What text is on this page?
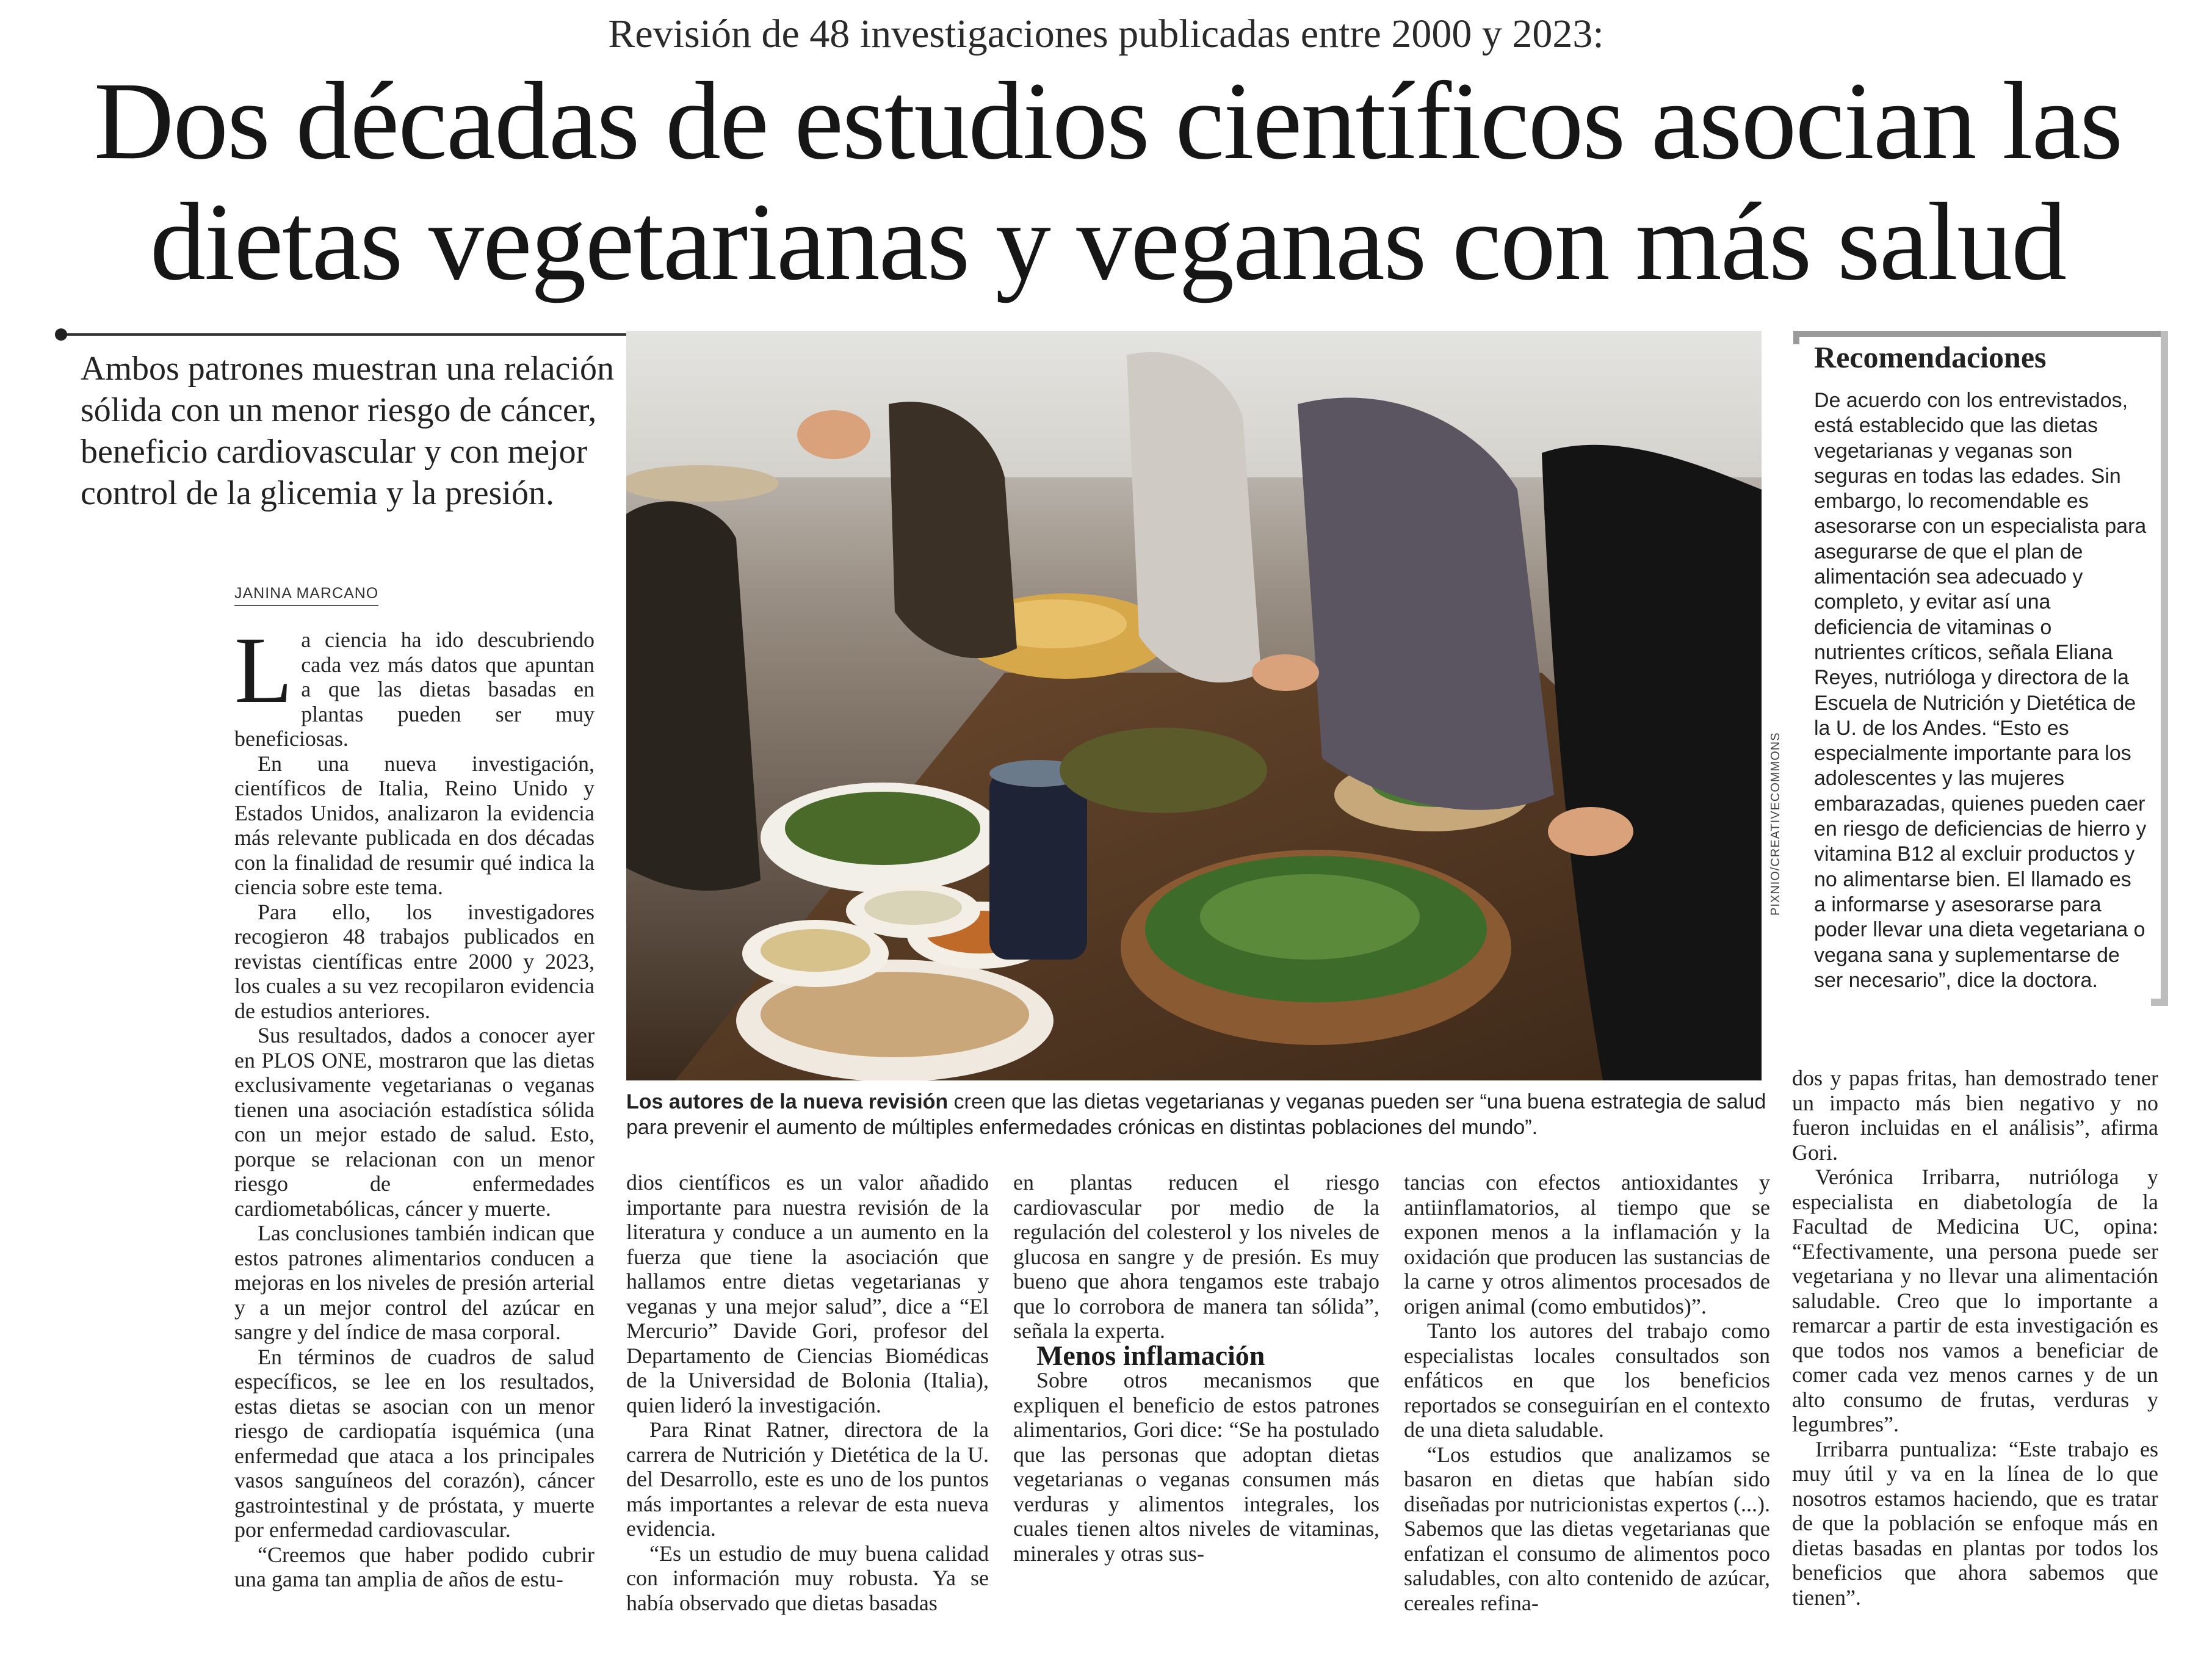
Revisión de 48 investigaciones publicadas entre 2000 y 2023:
Dos décadas de estudios científicos asocian las
dietas vegetarianas y veganas con más salud
Ambos patrones muestran una relación sólida con un menor riesgo de cáncer, beneficio cardiovascular y con mejor control de la glicemia y la presión.
JANINA MARCANO

La ciencia ha ido descubriendo cada vez más datos que apuntan a que las dietas basadas en plantas pueden ser muy beneficiosas.

En una nueva investigación, científicos de Italia, Reino Unido y Estados Unidos, analizaron la evidencia más relevante publicada en dos décadas con la finalidad de resumir qué indica la ciencia sobre este tema.

Para ello, los investigadores recogieron 48 trabajos publicados en revistas científicas entre 2000 y 2023, los cuales a su vez recopilaron evidencia de estudios anteriores.

Sus resultados, dados a conocer ayer en PLOS ONE, mostraron que las dietas exclusivamente vegetarianas o veganas tienen una asociación estadística sólida con un mejor estado de salud. Esto, porque se relacionan con un menor riesgo de enfermedades cardiometabólicas, cáncer y muerte.

Las conclusiones también indican que estos patrones alimentarios conducen a mejoras en los niveles de presión arterial y a un mejor control del azúcar en sangre y del índice de masa corporal.

En términos de cuadros de salud específicos, se lee en los resultados, estas dietas se asocian con un menor riesgo de cardiopatía isquémica (una enfermedad que ataca a los principales vasos sanguíneos del corazón), cáncer gastrointestinal y de próstata, y muerte por enfermedad cardiovascular.

“Creemos que haber podido cubrir una gama tan amplia de años de estu-

PIXNIO/CREATIVECOMMONS
Los autores de la nueva revisión creen que las dietas vegetarianas y veganas pueden ser “una buena estrategia de salud para prevenir el aumento de múltiples enfermedades crónicas en distintas poblaciones del mundo”.
Recomendaciones
De acuerdo con los entrevistados, está establecido que las dietas vegetarianas y veganas son seguras en todas las edades. Sin embargo, lo recomendable es asesorarse con un especialista para asegurarse de que el plan de alimentación sea adecuado y completo, y evitar así una deficiencia de vitaminas o nutrientes críticos, señala Eliana Reyes, nutrióloga y directora de la Escuela de Nutrición y Dietética de la U. de los Andes. “Esto es especialmente importante para los adolescentes y las mujeres embarazadas, quienes pueden caer en riesgo de deficiencias de hierro y vitamina B12 al excluir productos y no alimentarse bien. El llamado es a informarse y asesorarse para poder llevar una dieta vegetariana o vegana sana y suplementarse de ser necesario”, dice la doctora.

dios científicos es un valor añadido importante para nuestra revisión de la literatura y conduce a un aumento en la fuerza que tiene la asociación que hallamos entre dietas vegetarianas y veganas y una mejor salud”, dice a “El Mercurio” Davide Gori, profesor del Departamento de Ciencias Biomédicas de la Universidad de Bolonia (Italia), quien lideró la investigación.

Para Rinat Ratner, directora de la carrera de Nutrición y Dietética de la U. del Desarrollo, este es uno de los puntos más importantes a relevar de esta nueva evidencia.

“Es un estudio de muy buena calidad con información muy robusta. Ya se había observado que dietas basadas

en plantas reducen el riesgo cardiovascular por medio de la regulación del colesterol y los niveles de glucosa en sangre y de presión. Es muy bueno que ahora tengamos este trabajo que lo corrobora de manera tan sólida”, señala la experta.

Menos inflamación

Sobre otros mecanismos que expliquen el beneficio de estos patrones alimentarios, Gori dice: “Se ha postulado que las personas que adoptan dietas vegetarianas o veganas consumen más verduras y alimentos integrales, los cuales tienen altos niveles de vitaminas, minerales y otras sus-

tancias con efectos antioxidantes y antiinflamatorios, al tiempo que se exponen menos a la inflamación y la oxidación que producen las sustancias de la carne y otros alimentos procesados de origen animal (como embutidos)”.

Tanto los autores del trabajo como especialistas locales consultados son enfáticos en que los beneficios reportados se conseguirían en el contexto de una dieta saludable.

“Los estudios que analizamos se basaron en dietas que habían sido diseñadas por nutricionistas expertos (...). Sabemos que las dietas vegetarianas que enfatizan el consumo de alimentos poco saludables, con alto contenido de azúcar, cereales refina-

dos y papas fritas, han demostrado tener un impacto más bien negativo y no fueron incluidas en el análisis”, afirma Gori.

Verónica Irribarra, nutrióloga y especialista en diabetología de la Facultad de Medicina UC, opina: “Efectivamente, una persona puede ser vegetariana y no llevar una alimentación saludable. Creo que lo importante a remarcar a partir de esta investigación es que todos nos vamos a beneficiar de comer cada vez menos carnes y de un alto consumo de frutas, verduras y legumbres”.

Irribarra puntualiza: “Este trabajo es muy útil y va en la línea de lo que nosotros estamos haciendo, que es tratar de que la población se enfoque más en dietas basadas en plantas por todos los beneficios que ahora sabemos que tienen”.
